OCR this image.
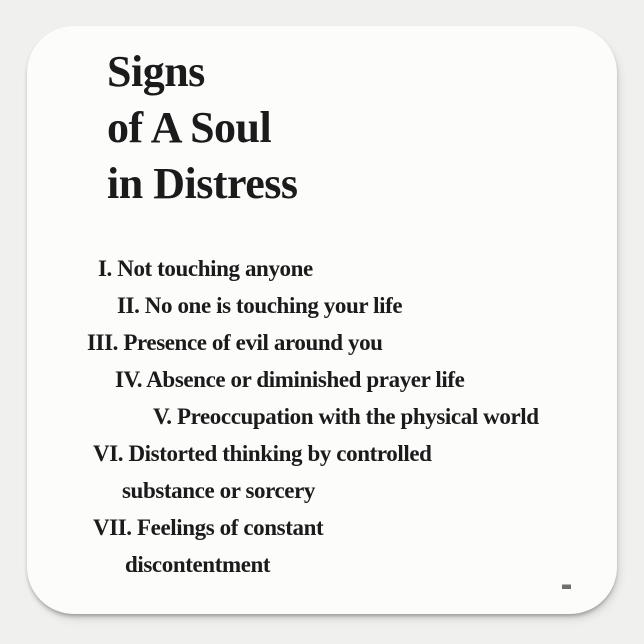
Signs
of A Soul
in Distress
I. Not touching anyone
II. No one is touching your life
III. Presence of evil around you
IV. Absence or diminished prayer life
V. Preoccupation with the physical world
VI. Distorted thinking by controlled
substance or sorcery
VII. Feelings of constant
discontentment
